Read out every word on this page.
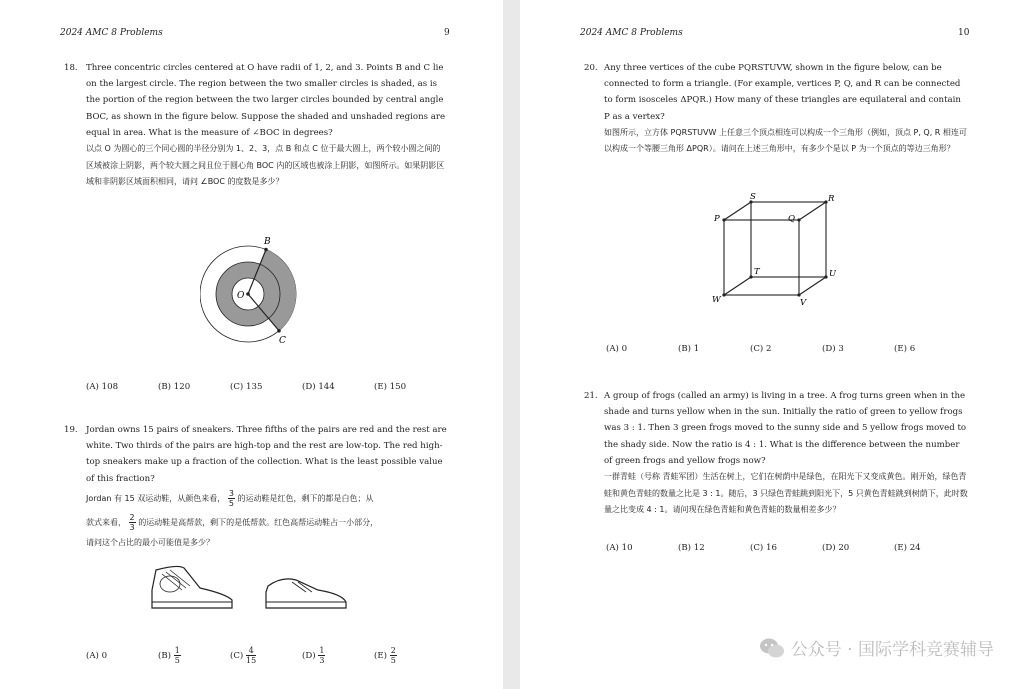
2024 AMC 8 Problems	9
18. Three concentric circles centered at O have radii of 1, 2, and 3. Points B and C lie on the largest circle. The region between the two smaller circles is shaded, as is the portion of the region between the two larger circles bounded by central angle BOC, as shown in the figure below. Suppose the shaded and unshaded regions are equal in area. What is the measure of ∠BOC in degrees?
以点 O 为圆心的三个同心圆的半径分别为 1、2、3，点 B 和点 C 位于最大圆上，两个较小圆之间的区域被涂上阴影，两个较大圆之间且位于圆心角 BOC 内的区域也被涂上阴影，如图所示。如果阴影区域和非阴影区域面积相同，请问 ∠BOC 的度数是多少？
B
O
C
(A) 108	(B) 120	(C) 135	(D) 144	(E) 150
19. Jordan owns 15 pairs of sneakers. Three fifths of the pairs are red and the rest are white. Two thirds of the pairs are high-top and the rest are low-top. The red high-top sneakers make up a fraction of the collection. What is the least possible value of this fraction?
Jordan 有 15 双运动鞋，从颜色来看， $\frac{3}{5}$ 的运动鞋是红色，剩下的都是白色；从
款式来看， $\frac{2}{3}$ 的运动鞋是高帮款，剩下的是低帮款。红色高帮运动鞋占一小部分，
请问这个占比的最小可能值是多少？
(A) 0	$(B) \frac{1}{5}$	$(C) \frac{4}{15}$	$(D) \frac{1}{3}$	$(E) \frac{2}{5}$
2024 AMC 8 Problems	10
20. Any three vertices of the cube PQRSTUVW, shown in the figure below, can be connected to form a triangle. (For example, vertices P, Q, and R can be connected to form isosceles ΔPQR.) How many of these triangles are equilateral and contain P as a vertex?
如图所示，立方体 PQRSTUVW 上任意三个顶点相连可以构成一个三角形（例如，顶点 P, Q, R 相连可以构成一个等腰三角形 ΔPQR）。请问在上述三角形中，有多少个是以 P 为一个顶点的等边三角形？
P	Q
R
S
T	U
V
W
(A) 0	(B) 1	(C) 2	(D) 3	(E) 6
21. A group of frogs (called an army) is living in a tree. A frog turns green when in the shade and turns yellow when in the sun. Initially the ratio of green to yellow frogs was 3 : 1. Then 3 green frogs moved to the sunny side and 5 yellow frogs moved to the shady side. Now the ratio is 4 : 1. What is the difference between the number of green frogs and yellow frogs now?
一群青蛙（号称 青蛙军团）生活在树上，它们在树荫中是绿色，在阳光下又变成黄色。刚开始，绿色青蛙和黄色青蛙的数量之比是 3 : 1。随后，3 只绿色青蛙跳到阳光下，5 只黄色青蛙跳到树荫下，此时数量之比变成 4 : 1。请问现在绿色青蛙和黄色青蛙的数量相差多少？
(A) 10	(B) 12	(C) 16	(D) 20	(E) 24
公众号 · 国际学科竞赛辅导
